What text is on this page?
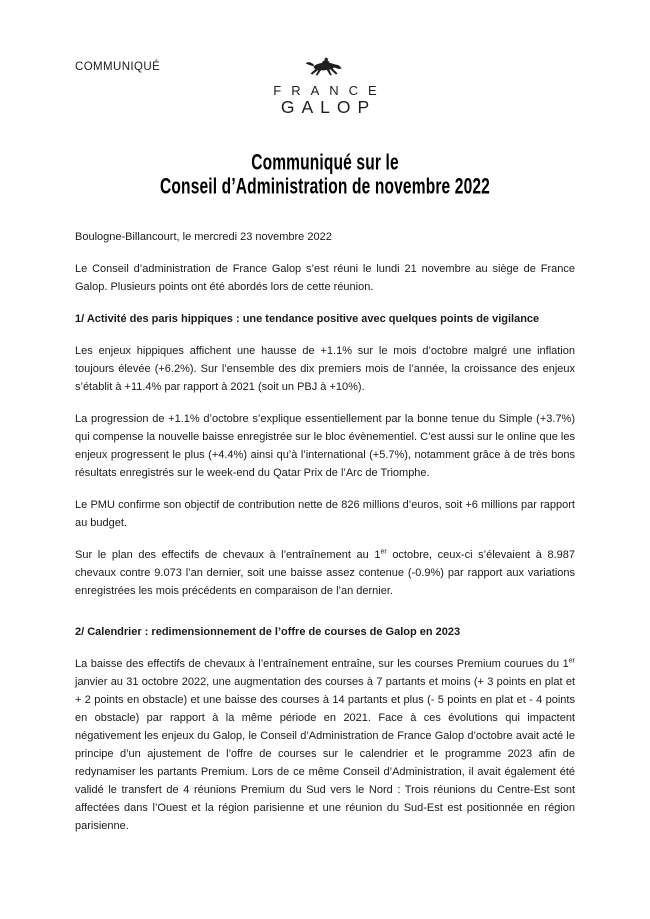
COMMUNIQUÉ
FRANCE
GALOP
Communiqué sur le
Conseil d’Administration de novembre 2022
Boulogne-Billancourt, le mercredi 23 novembre 2022

Le Conseil d’administration de France Galop s’est réuni le lundi 21 novembre au siège de France Galop. Plusieurs points ont été abordés lors de cette réunion.

1/ Activité des paris hippiques : une tendance positive avec quelques points de vigilance

Les enjeux hippiques affichent une hausse de +1.1% sur le mois d’octobre malgré une inflation toujours élevée (+6.2%). Sur l’ensemble des dix premiers mois de l’année, la croissance des enjeux s’établit à +11.4% par rapport à 2021 (soit un PBJ à +10%).

La progression de +1.1% d’octobre s’explique essentiellement par la bonne tenue du Simple (+3.7%) qui compense la nouvelle baisse enregistrée sur le bloc évènementiel. C’est aussi sur le online que les enjeux progressent le plus (+4.4%) ainsi qu’à l’international (+5.7%), notamment grâce à de très bons résultats enregistrés sur le week-end du Qatar Prix de l’Arc de Triomphe.

Le PMU confirme son objectif de contribution nette de 826 millions d’euros, soit +6 millions par rapport au budget.

Sur le plan des effectifs de chevaux à l’entraînement au 1er octobre, ceux-ci s’élevaient à 8.987 chevaux contre 9.073 l’an dernier, soit une baisse assez contenue (-0.9%) par rapport aux variations enregistrées les mois précédents en comparaison de l’an dernier.

2/ Calendrier : redimensionnement de l’offre de courses de Galop en 2023

La baisse des effectifs de chevaux à l’entraînement entraîne, sur les courses Premium courues du 1er janvier au 31 octobre 2022, une augmentation des courses à 7 partants et moins (+ 3 points en plat et + 2 points en obstacle) et une baisse des courses à 14 partants et plus (- 5 points en plat et - 4 points en obstacle) par rapport à la même période en 2021. Face à ces évolutions qui impactent négativement les enjeux du Galop, le Conseil d’Administration de France Galop d’octobre avait acté le principe d’un ajustement de l’offre de courses sur le calendrier et le programme 2023 afin de redynamiser les partants Premium. Lors de ce même Conseil d’Administration, il avait également été validé le transfert de 4 réunions Premium du Sud vers le Nord : Trois réunions du Centre-Est sont affectées dans l’Ouest et la région parisienne et une réunion du Sud-Est est positionnée en région parisienne.
